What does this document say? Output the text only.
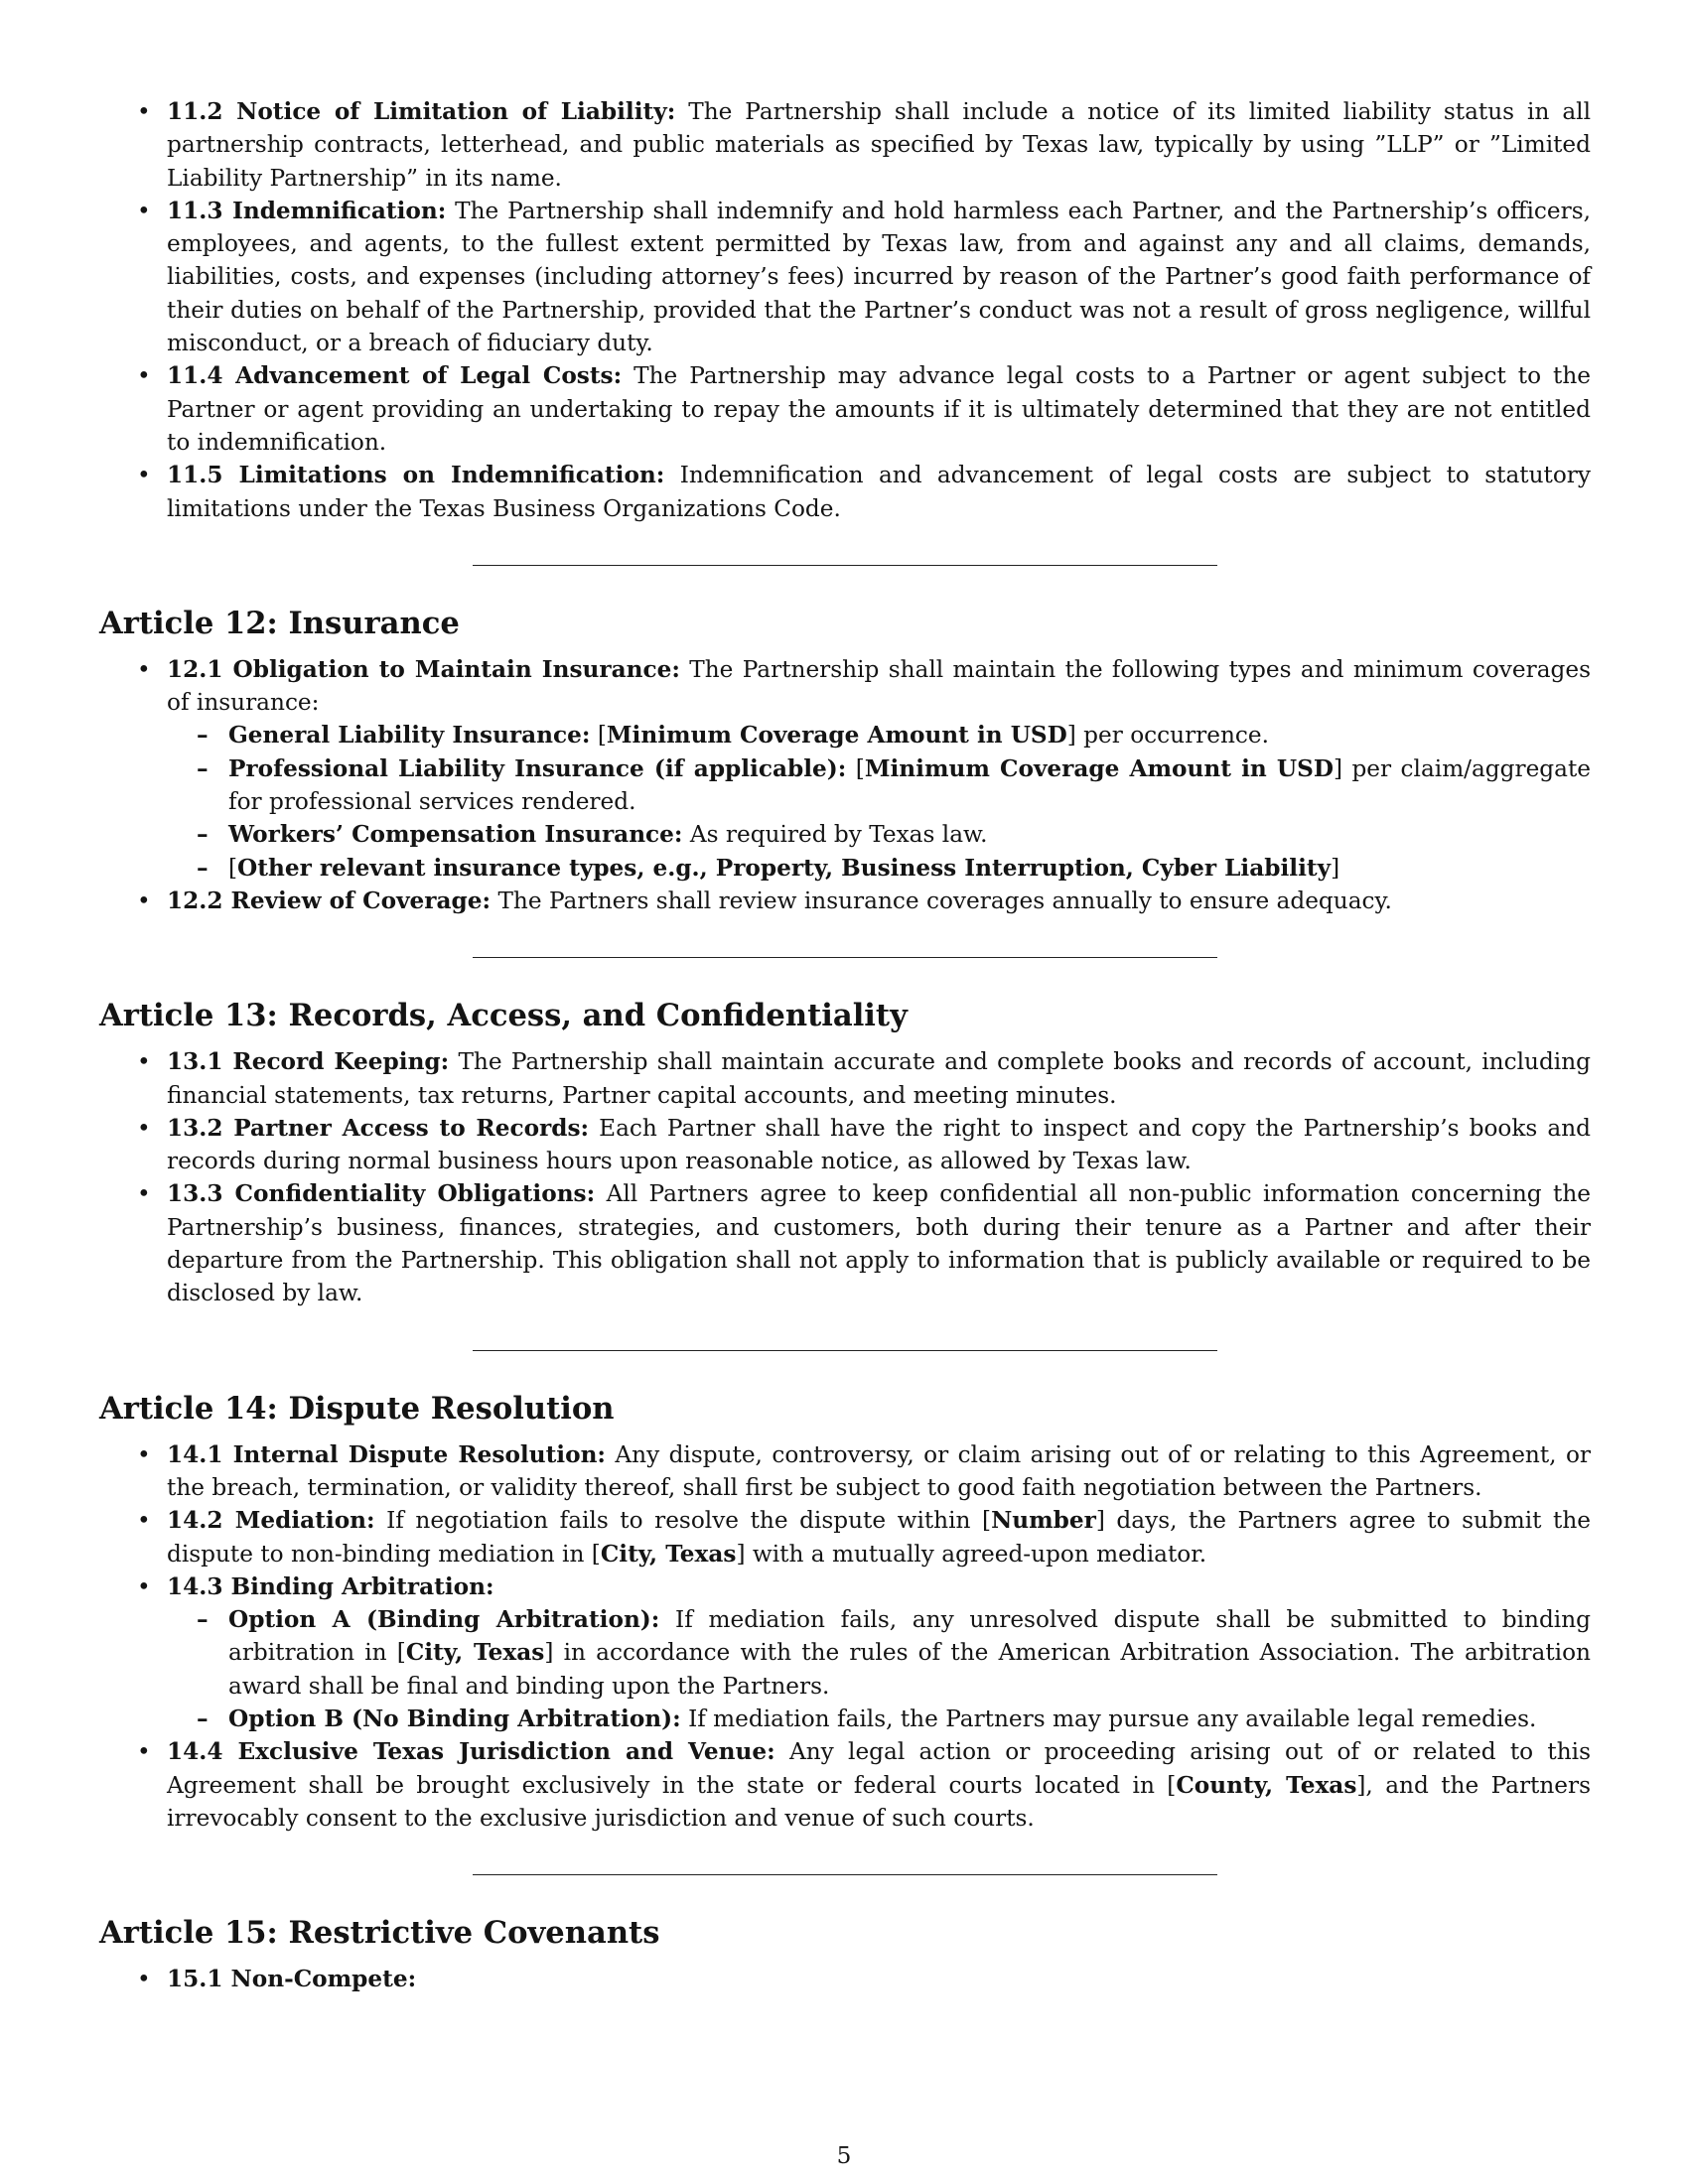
• 11.2 Notice of Limitation of Liability: The Partnership shall include a notice of its limited liability status in all partnership contracts, letterhead, and public materials as specified by Texas law, typically by using ”LLP” or ”Limited Liability Partnership” in its name.
• 11.3 Indemnification: The Partnership shall indemnify and hold harmless each Partner, and the Partnership’s officers, employees, and agents, to the fullest extent permitted by Texas law, from and against any and all claims, demands, liabilities, costs, and expenses (including attorney’s fees) incurred by reason of the Partner’s good faith performance of their duties on behalf of the Partnership, provided that the Partner’s conduct was not a result of gross negligence, willful misconduct, or a breach of fiduciary duty.
• 11.4 Advancement of Legal Costs: The Partnership may advance legal costs to a Partner or agent subject to the Partner or agent providing an undertaking to repay the amounts if it is ultimately determined that they are not entitled to indemnification.
• 11.5 Limitations on Indemnification: Indemnification and advancement of legal costs are subject to statutory limitations under the Texas Business Organizations Code.
Article 12: Insurance
• 12.1 Obligation to Maintain Insurance: The Partnership shall maintain the following types and minimum coverages of insurance:
– General Liability Insurance: [Minimum Coverage Amount in USD] per occurrence.
– Professional Liability Insurance (if applicable): [Minimum Coverage Amount in USD] per claim/aggregate for professional services rendered.
– Workers’ Compensation Insurance: As required by Texas law.
– [Other relevant insurance types, e.g., Property, Business Interruption, Cyber Liability]
• 12.2 Review of Coverage: The Partners shall review insurance coverages annually to ensure adequacy.
Article 13: Records, Access, and Confidentiality
• 13.1 Record Keeping: The Partnership shall maintain accurate and complete books and records of account, including financial statements, tax returns, Partner capital accounts, and meeting minutes.
• 13.2 Partner Access to Records: Each Partner shall have the right to inspect and copy the Partnership’s books and records during normal business hours upon reasonable notice, as allowed by Texas law.
• 13.3 Confidentiality Obligations: All Partners agree to keep confidential all non-public information concerning the Partnership’s business, finances, strategies, and customers, both during their tenure as a Partner and after their departure from the Partnership. This obligation shall not apply to information that is publicly available or required to be disclosed by law.
Article 14: Dispute Resolution
• 14.1 Internal Dispute Resolution: Any dispute, controversy, or claim arising out of or relating to this Agreement, or the breach, termination, or validity thereof, shall first be subject to good faith negotiation between the Partners.
• 14.2 Mediation: If negotiation fails to resolve the dispute within [Number] days, the Partners agree to submit the dispute to non-binding mediation in [City, Texas] with a mutually agreed-upon mediator.
• 14.3 Binding Arbitration:
– Option A (Binding Arbitration): If mediation fails, any unresolved dispute shall be submitted to binding arbitration in [City, Texas] in accordance with the rules of the American Arbitration Association. The arbitration award shall be final and binding upon the Partners.
– Option B (No Binding Arbitration): If mediation fails, the Partners may pursue any available legal remedies.
• 14.4 Exclusive Texas Jurisdiction and Venue: Any legal action or proceeding arising out of or related to this Agreement shall be brought exclusively in the state or federal courts located in [County, Texas], and the Partners irrevocably consent to the exclusive jurisdiction and venue of such courts.
Article 15: Restrictive Covenants
• 15.1 Non-Compete:
5
